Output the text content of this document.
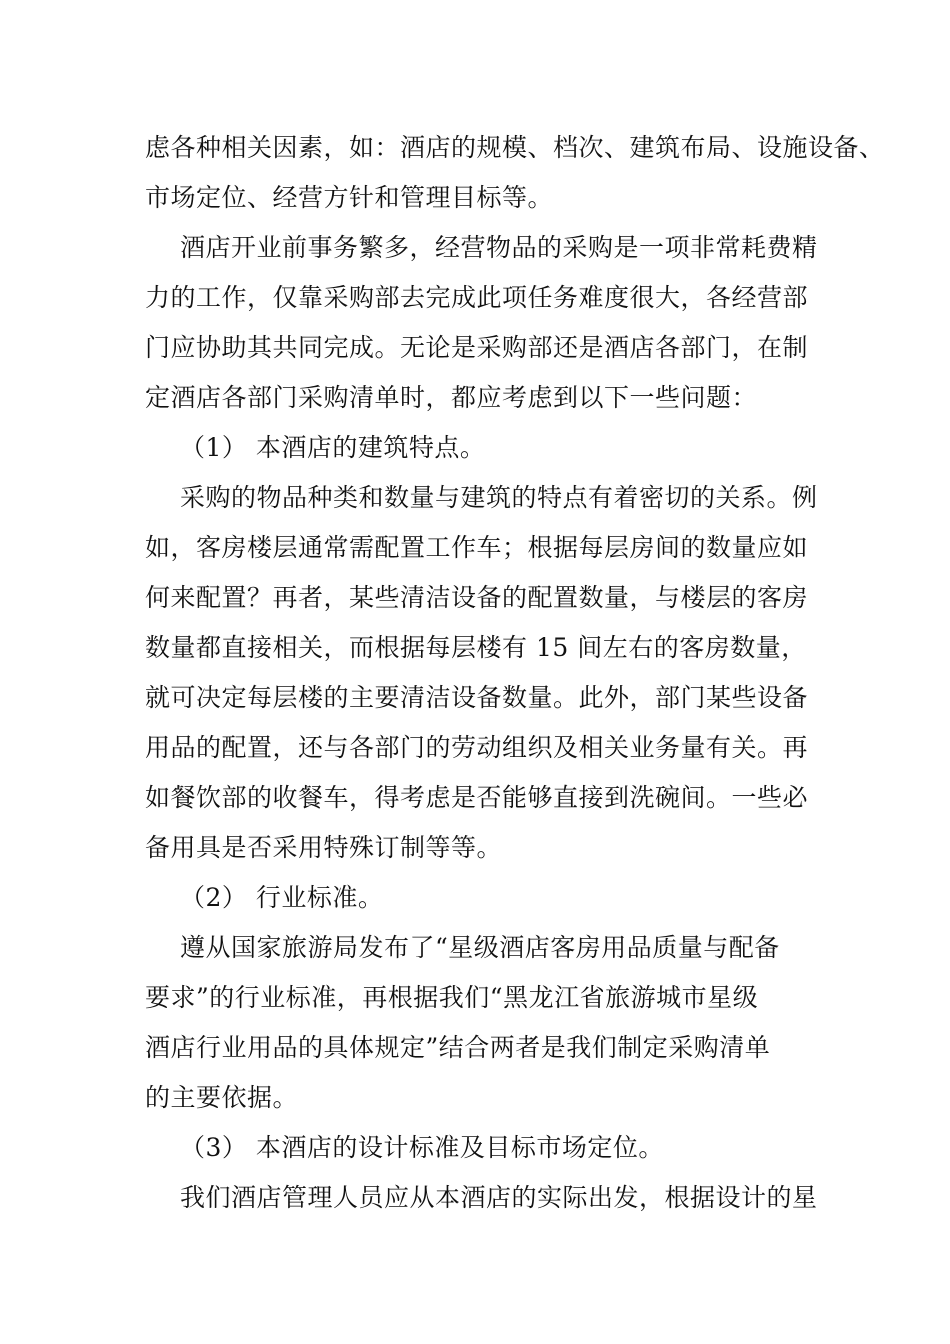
虑各种相关因素，如：酒店的规模、档次、建筑布局、设施设备、
市场定位、经营方针和管理目标等。
酒店开业前事务繁多，经营物品的采购是一项非常耗费精
力的工作，仅靠采购部去完成此项任务难度很大，各经营部
门应协助其共同完成。无论是采购部还是酒店各部门，在制
定酒店各部门采购清单时，都应考虑到以下一些问题：
（1） 本酒店的建筑特点。
采购的物品种类和数量与建筑的特点有着密切的关系。例
如，客房楼层通常需配置工作车；根据每层房间的数量应如
何来配置？再者，某些清洁设备的配置数量，与楼层的客房
数量都直接相关，而根据每层楼有 15 间左右的客房数量，
就可决定每层楼的主要清洁设备数量。此外，部门某些设备
用品的配置，还与各部门的劳动组织及相关业务量有关。再
如餐饮部的收餐车，得考虑是否能够直接到洗碗间。一些必
备用具是否采用特殊订制等等。
（2） 行业标准。
遵从国家旅游局发布了“星级酒店客房用品质量与配备
要求”的行业标准，再根据我们“黑龙江省旅游城市星级
酒店行业用品的具体规定”结合两者是我们制定采购清单
的主要依据。
（3） 本酒店的设计标准及目标市场定位。
我们酒店管理人员应从本酒店的实际出发，根据设计的星
